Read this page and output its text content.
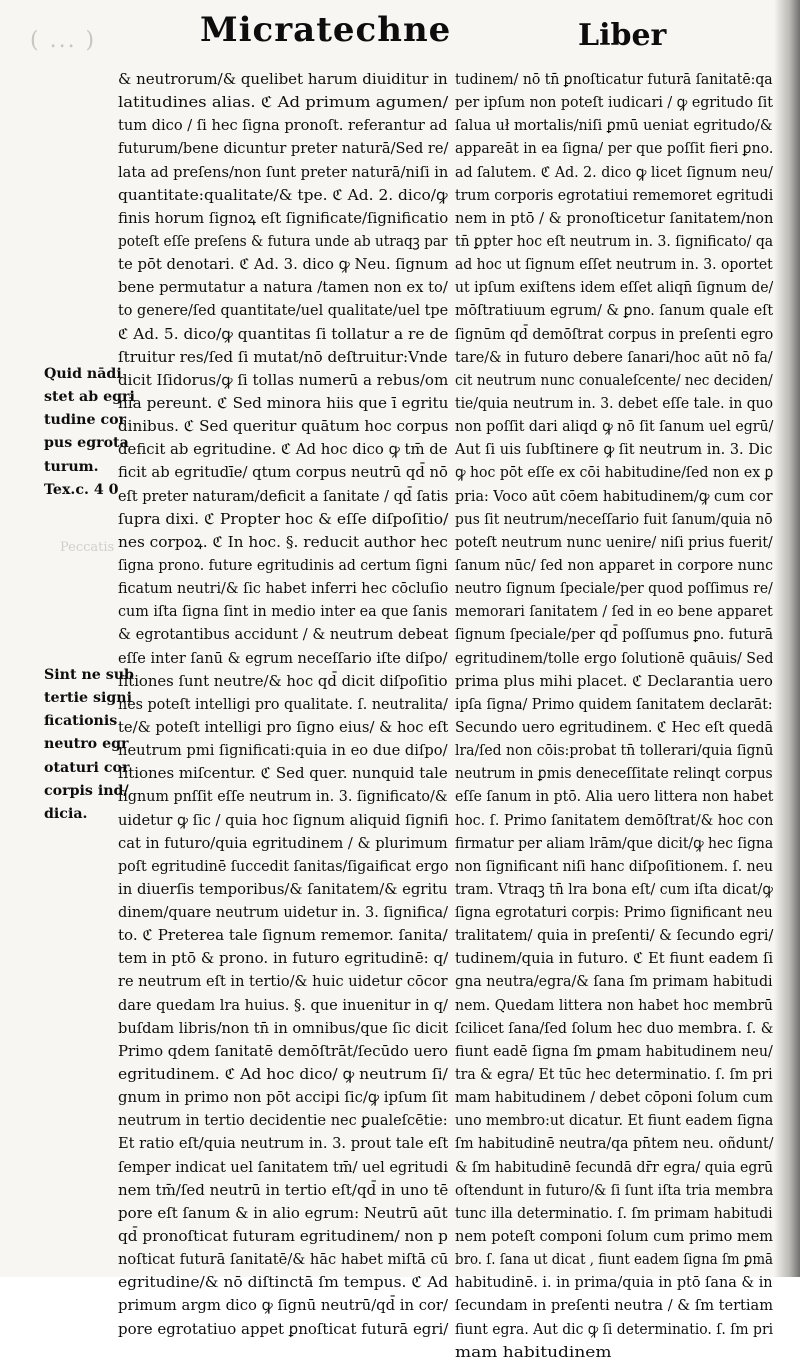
( ... )	Micratechne	Liber
Peccatis
Quid nādi
stet ab egri
tudine cor
pus egrota
turum.
Tex.c. 4 0
Sint ne sub
tertie signi
ficationis
neutro egr
otaturi cor
corpis ind/
dicia.
& neutrorum/& quelibet harum diuiditur in
latitudines alias. ℭ Ad primum agumen/
tum dico / ſi hec ſigna pronoſt. referantur ad
futurum/bene dicuntur preter naturā/Sed re/
lata ad preſens/non ſunt preter naturā/niſi in
quantitate:qualitate/& tpe. ℭ Ad. 2. dico/ꝙ
finis horum ſignoꝝ eſt ſignificate/ſignificatio
poteſt eſſe preſens & futura unde ab utraqꝫ par
te pōt denotari. ℭ Ad. 3. dico ꝙ Neu. ſignum
bene permutatur a natura /tamen non ex to/
to genere/ſed quantitate/uel qualitate/uel tpe
ℭ Ad. 5. dico/ꝙ quantitas ſi tollatur a re de
ſtruitur res/ſed ſi mutat/nō deſtruitur:Vnde
dicit Iſidorus/ꝙ ſi tollas numerū a rebus/om
nia pereunt. ℭ Sed minora hiis que ī egritu
dinibus. ℭ Sed queritur quātum hoc corpus
deficit ab egritudine. ℭ Ad hoc dico ꝙ tm̄ de
ficit ab egritudīe/ qtum corpus neutrū qd̄ nō
eſt preter naturam/deficit a ſanitate / qd̄ ſatis
ſupra dixi. ℭ Propter hoc & eſſe diſpoſitio/
nes corpoꝝ. ℭ In hoc. §. reducit author hec
ſigna prono. future egritudinis ad certum ſigni
ficatum neutri/& ſic habet inferri hec cōcluſio
cum iſta ſigna ſint in medio inter ea que ſanis
& egrotantibus accidunt / & neutrum debeat
eſſe inter ſanū & egrum neceſſario iſte diſpo/
ſitiones ſunt neutre/& hoc qd̄ dicit diſpoſitio
nes poteſt intelligi pro qualitate. ſ. neutralita/
te/& poteſt intelligi pro ſigno eius/ & hoc eſt
neutrum pmi ſignificati:quia in eo due diſpo/
ſitiones miſcentur. ℭ Sed quer. nunquid tale
ſignum pnſſit eſſe neutrum in. 3. ſignificato/&
uidetur ꝙ ſic / quia hoc ſignum aliquid ſignifi
cat in futuro/quia egritudinem / & plurimum
poſt egritudinē ſuccedit ſanitas/ſigaificat ergo
in diuerſis temporibus/& ſanitatem/& egritu
dinem/quare neutrum uidetur in. 3. ſignifica/
to. ℭ Preterea tale ſignum rememor. ſanita/
tem in ptō & prono. in futuro egritudinē: q/
re neutrum eſt in tertio/& huic uidetur cōcor
dare quedam lra huius. §. que inuenitur in q/
buſdam libris/non tn̄ in omnibus/que ſic dicit
Primo qdem ſanitatē demōſtrāt/ſecūdo uero
egritudinem. ℭ Ad hoc dico/ ꝙ neutrum ſi/
gnum in primo non pōt accipi ſic/ꝙ ipſum ſit
neutrum in tertio decidentie nec ꝑualeſcētie:
Et ratio eſt/quia neutrum in. 3. prout tale eſt
ſemper indicat uel ſanitatem tm̄/ uel egritudi
nem tm̄/ſed neutrū in tertio eſt/qd̄ in uno tē
pore eſt ſanum & in alio egrum: Neutrū aūt
qd̄ pronoſticat futuram egritudinem/ non p
noſticat futurā ſanitatē/& hāc habet miſtā cū
egritudine/& nō diſtinctā ſm tempus. ℭ Ad
primum argm dico ꝙ ſignū neutrū/qd̄ in cor/
pore egrotatiuo appet ꝑnoſticat futurā egri/
tudinem/ nō tn̄ ꝑnoſticatur futurā ſanitatē:qa
per ipſum non poteſt iudicari / ꝙ egritudo ſit
ſalua uł mortalis/niſi ꝑmū ueniat egritudo/&
appareāt in ea ſigna/ per que poſſit fieri ꝑno.
ad ſalutem. ℭ Ad. 2. dico ꝙ licet ſignum neu/
trum corporis egrotatiui rememoret egritudi
nem in ptō / & pronoſticetur ſanitatem/non
tn̄ ꝑpter hoc eſt neutrum in. 3. ſignificato/ qa
ad hoc ut ſignum eſſet neutrum in. 3. oportet
ut ipſum exiſtens idem eſſet aliqn̄ ſignum de/
mōſtratiuum egrum/ & ꝑno. ſanum quale eſt
ſignūm qd̄ demōſtrat corpus in preſenti egro
tare/& in futuro debere ſanari/hoc aūt nō fa/
cit neutrum nunc conualeſcente/ nec deciden/
tie/quia neutrum in. 3. debet eſſe tale. in quo
non poſſit dari aliqd ꝙ nō ſit ſanum uel egrū/
Aut ſi uis ſubſtinere ꝙ ſit neutrum in. 3. Dic
ꝙ hoc pōt eſſe ex cōi habitudine/ſed non ex ꝑ
pria: Voco aūt cōem habitudinem/ꝙ cum cor
pus ſit neutrum/neceſſario fuit ſanum/quia nō
poteſt neutrum nunc uenire/ niſi prius fuerit/
ſanum nūc/ ſed non apparet in corpore nunc
neutro ſignum ſpeciale/per quod poſſimus re/
memorari ſanitatem / ſed in eo bene apparet
ſignum ſpeciale/per qd̄ poſſumus ꝑno. futurā
egritudinem/tolle ergo ſolutionē quāuis/ Sed
prima plus mihi placet. ℭ Declarantia uero
ipſa ſigna/ Primo quidem ſanitatem declarāt:
Secundo uero egritudinem. ℭ Hec eſt quedā
lra/ſed non cōis:probat tn̄ tollerari/quia ſignū
neutrum in ꝑmis deneceſſitate relinqt corpus
eſſe ſanum in ptō. Alia uero littera non habet
hoc. ſ. Primo ſanitatem demōſtrat/& hoc con
firmatur per aliam lrām/que dicit/ꝙ hec ſigna
non ſignificant niſi hanc diſpoſitionem. ſ. neu
tram. Vtraqꝫ tn̄ lra bona eſt/ cum iſta dicat/ꝙ
ſigna egrotaturi corpis: Primo ſignificant neu
tralitatem/ quia in preſenti/ & ſecundo egri/
tudinem/quia in futuro. ℭ Et fiunt eadem ſi
gna neutra/egra/& ſana ſm primam habitudi
nem. Quedam littera non habet hoc membrū
ſcilicet ſana/ſed ſolum hec duo membra. ſ. &
fiunt eadē ſigna ſm ꝑmam habitudinem neu/
tra & egra/ Et tūc hec determinatio. ſ. ſm pri
mam habitudinem / debet cōponi ſolum cum
uno membro:ut dicatur. Et fiunt eadem ſigna
ſm habitudinē neutra/qa pn̄tem neu. oñdunt/
& ſm habitudinē ſecundā dr̄r egra/ quia egrū
oſtendunt in futuro/& ſi ſunt iſta tria membra
tunc illa determinatio. ſ. ſm primam habitudi
nem poteſt componi ſolum cum primo mem
bro. ſ. ſana ut dicat , fiunt eadem ſigna ſm ꝑmā
habitudinē. i. in prima/quia in ptō ſana & in
ſecundam in preſenti neutra / & ſm tertiam
fiunt egra. Aut dic ꝙ ſi determinatio. ſ. ſm pri
mam habitudinem
